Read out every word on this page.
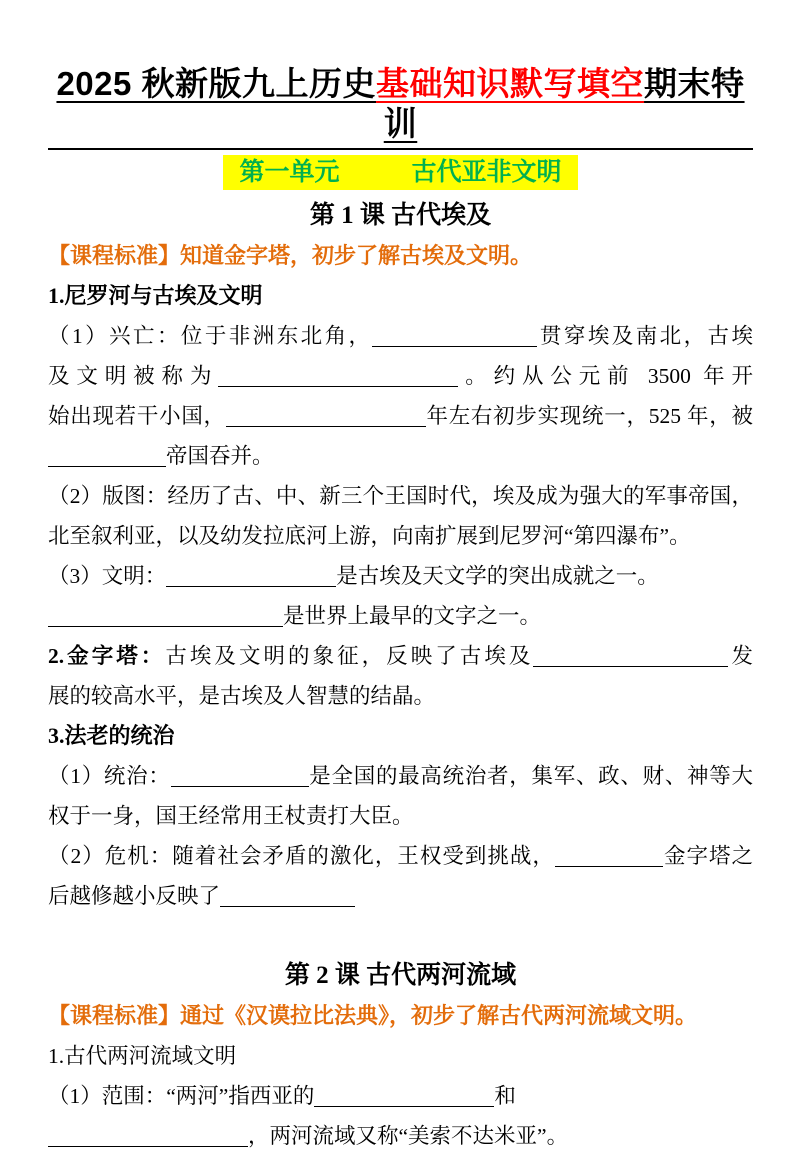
2025 秋新版九上历史基础知识默写填空期末特训
第一单元	古代亚非文明
第 1 课 古代埃及
【课程标准】知道金字塔，初步了解古埃及文明。
1.尼罗河与古埃及文明
（1）兴亡：位于非洲东北角，	贯穿埃及南北，古埃
及文明被称为	。约从公元前 3500 年开
始出现若干小国，	年左右初步实现统一，525 年，被
帝国吞并。
（2）版图：经历了古、中、新三个王国时代，埃及成为强大的军事帝国，
北至叙利亚，以及幼发拉底河上游，向南扩展到尼罗河“第四瀑布”。
（3）文明：	是古埃及天文学的突出成就之一。
是世界上最早的文字之一。
2.金字塔：古埃及文明的象征，反映了古埃及	发
展的较高水平，是古埃及人智慧的结晶。
3.法老的统治
（1）统治：	是全国的最高统治者，集军、政、财、神等大
权于一身，国王经常用王杖责打大臣。
（2）危机：随着社会矛盾的激化，王权受到挑战，	金字塔之
后越修越小反映了
第 2 课 古代两河流域
【课程标准】通过《汉谟拉比法典》，初步了解古代两河流域文明。
1.古代两河流域文明
（1）范围：“两河”指西亚的	和
，两河流域又称“美索不达米亚”。
